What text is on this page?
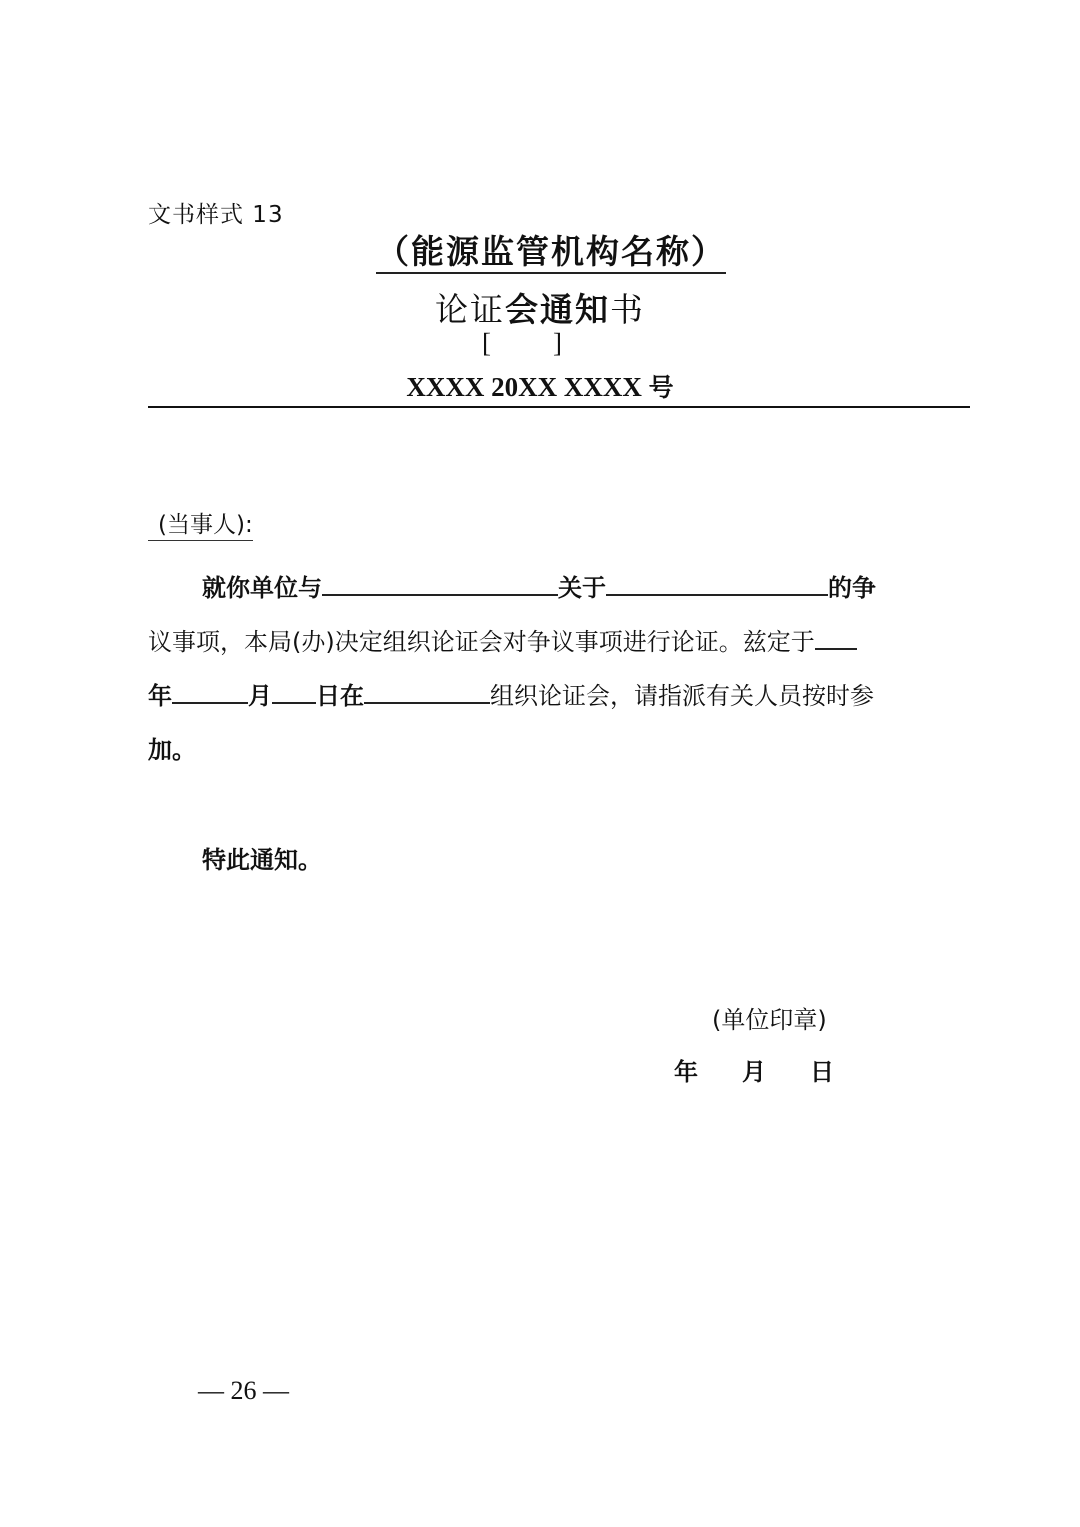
文书样式 13
（能源监管机构名称）
论证会通知书
[ ]
XXXX 20XX XXXX 号
(当事人):
就你单位与	关于	的争
议事项，本局(办)决定组织论证会对争议事项进行论证。兹定于
年	月 日在	组织论证会，请指派有关人员按时参
加。
特此通知。
(单位印章)
年 月 日
— 26 —
